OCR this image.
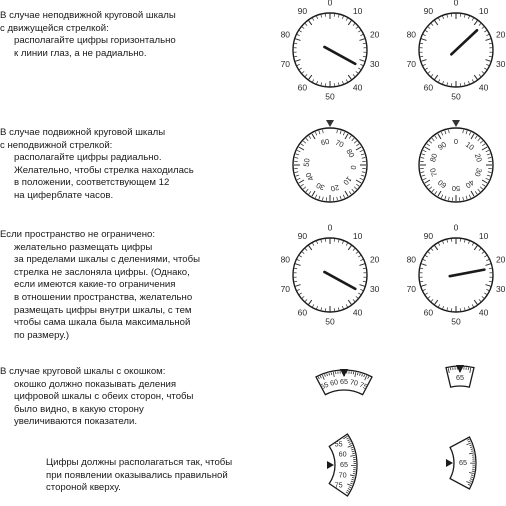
В случае неподвижной круговой шкалы
с движущейся стрелкой:
располагайте цифры горизонтально
к линии глаз, а не радиально.
В случае подвижной круговой шкалы
с неподвижной стрелкой:
располагайте цифры радиально.
Желательно, чтобы стрелка находилась
в положении, соответствующем 12
на циферблате часов.
Если пространство не ограничено:
желательно размещать цифры
за пределами шкалы с делениями, чтобы
стрелка не заслоняла цифры. (Однако,
если имеются какие-то ограничения
в отношении пространства, желательно
размещать цифры внутри шкалы, с тем
чтобы сама шкала была максимальной
по размеру.)
В случае круговой шкалы с окошком:
окошко должно показывать деления
цифровой шкалы с обеих сторон, чтобы
было видно, в какую сторону
увеличиваются показатели.
Цифры должны располагаться так, чтобы
при появлении оказывались правильной
стороной кверху.
0
10
20
30
40
50
60
70
80
90
0
10
20
30
40
50
60
70
80
90
0
10
20
30
40
50
60
70
80
90
0
10
20
30
40
50
60
70
80
90
60 70
80
0
10
20
30
40
50
0 10
20
30
40
50
60
70
80
90
55 60 65 70 75
65
55
60
65
70
75
65
